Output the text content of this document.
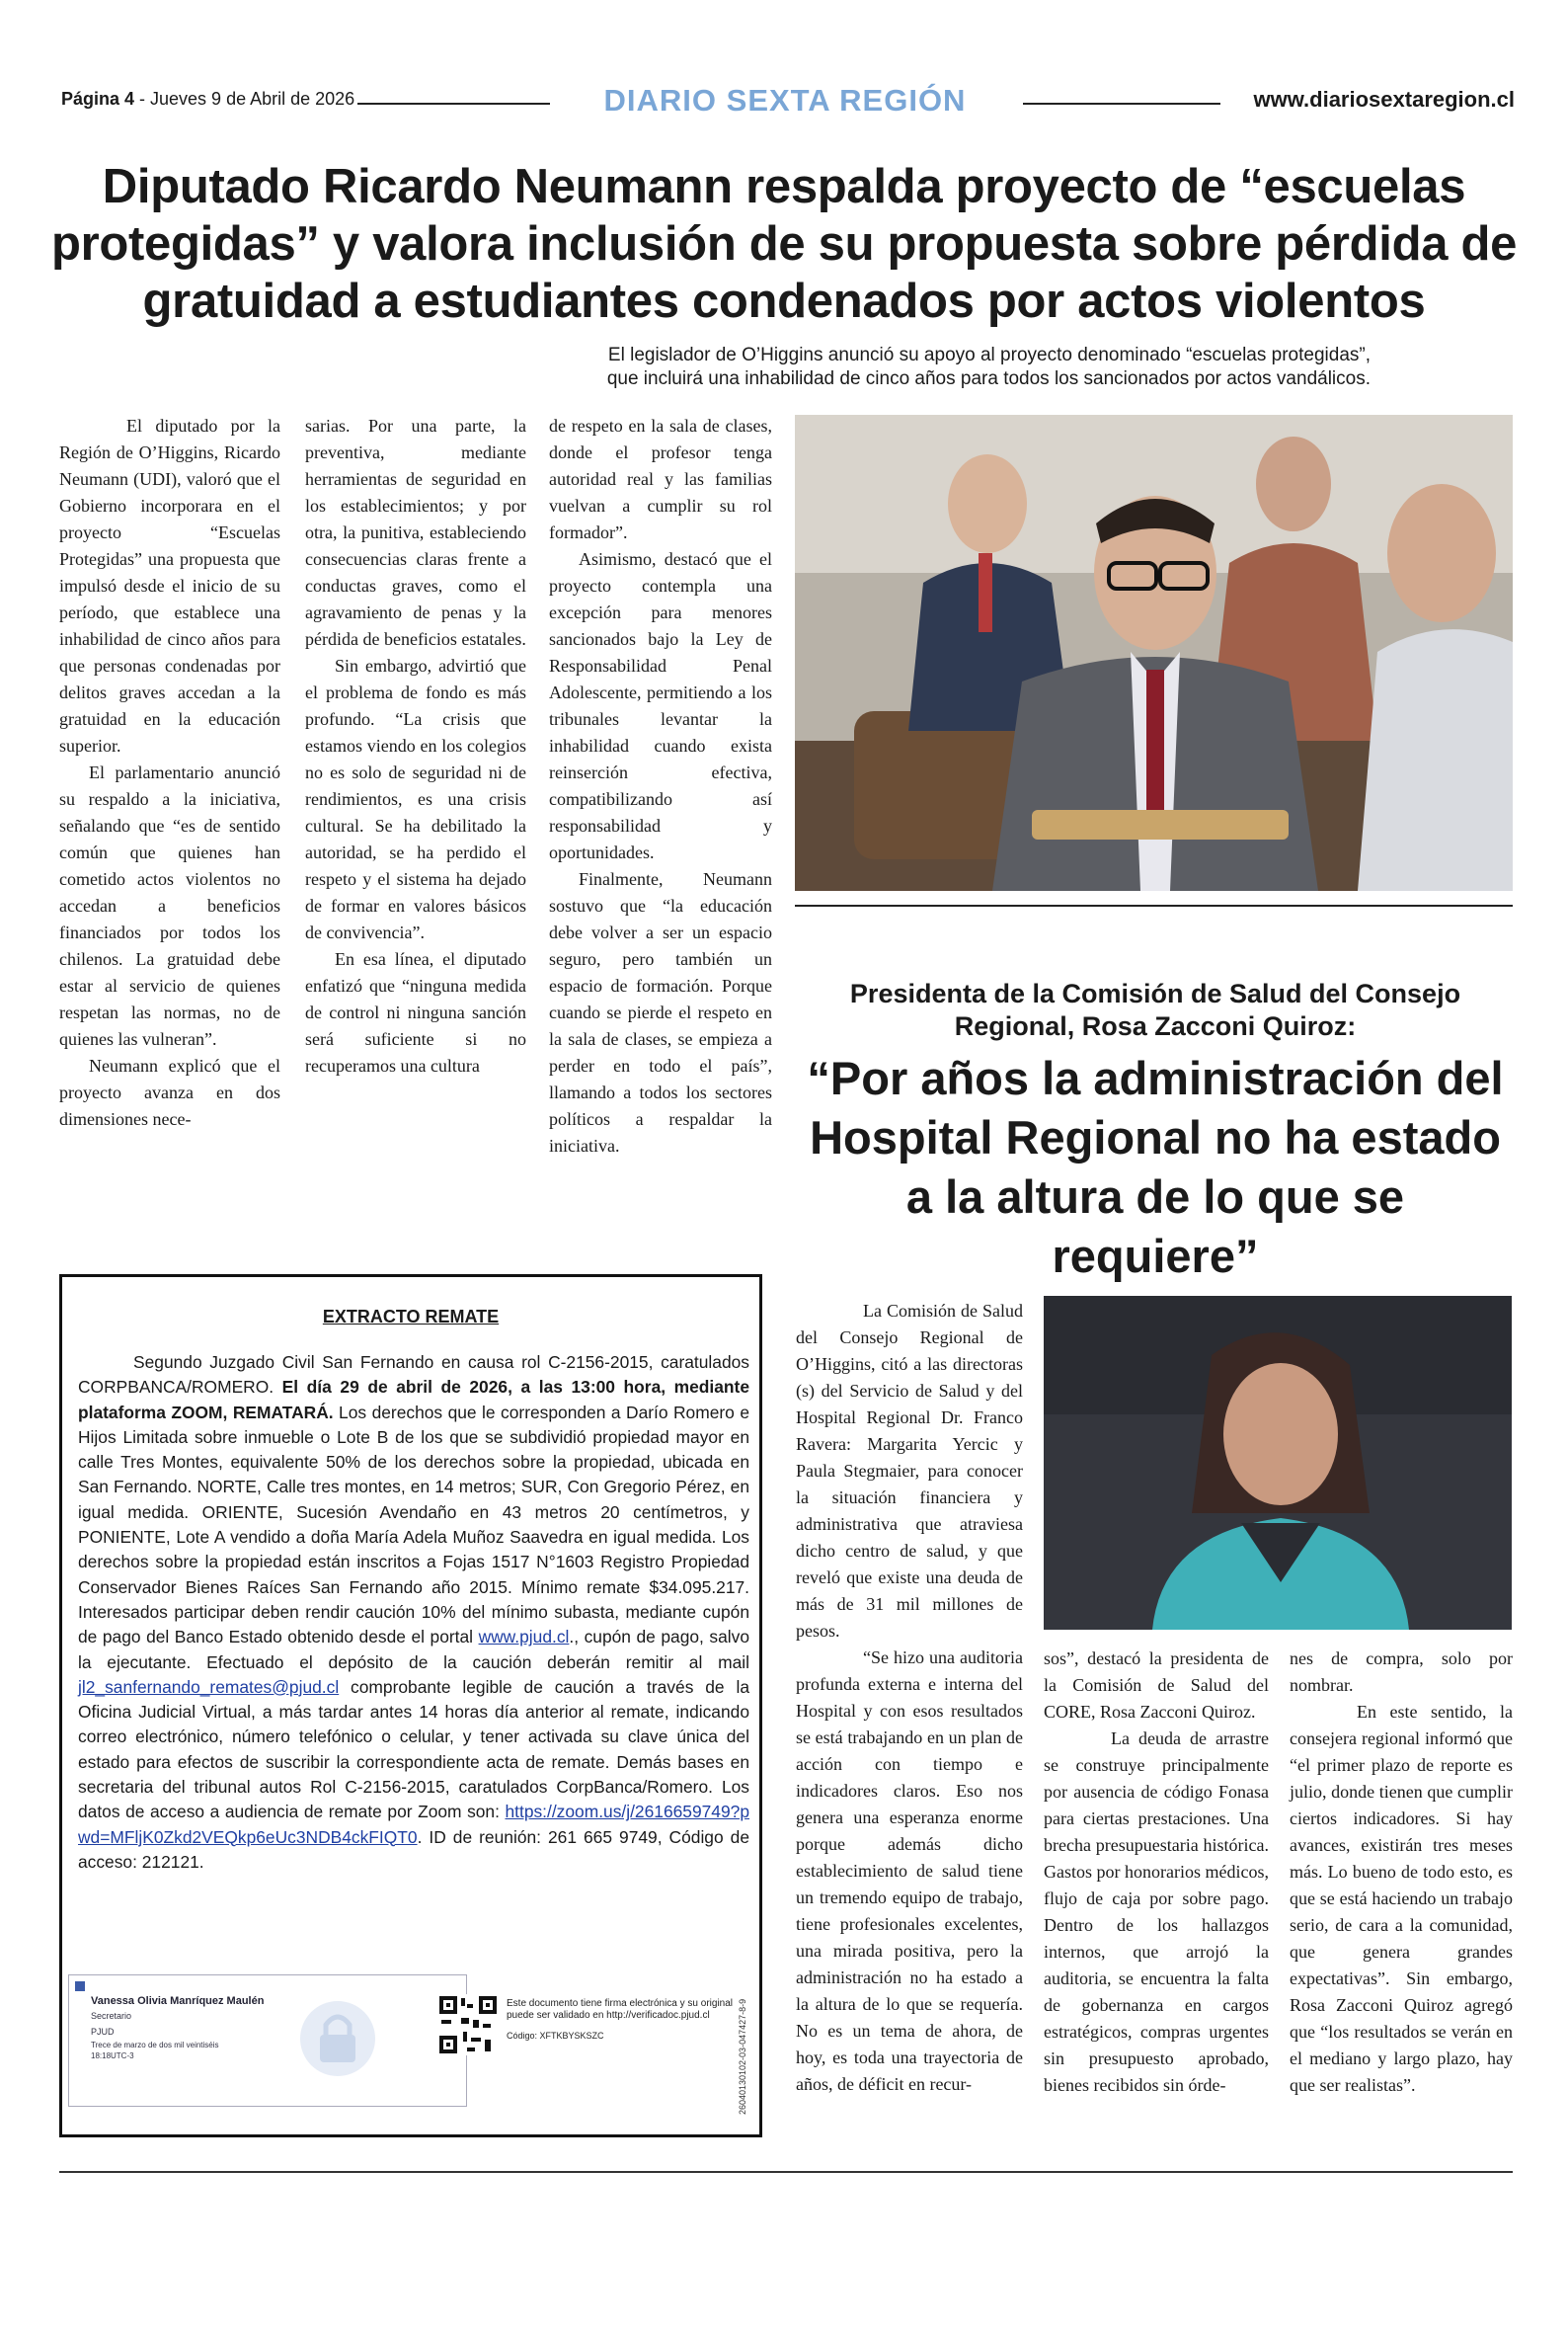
Página 4 - Jueves 9 de Abril de 2026	DIARIO SEXTA REGIÓN	www.diariosextaregion.cl
Diputado Ricardo Neumann respalda proyecto de “escuelas protegidas” y valora inclusión de su propuesta sobre pérdida de gratuidad a estudiantes condenados por actos violentos
El legislador de O’Higgins anunció su apoyo al proyecto denominado “escuelas protegidas”,
que incluirá una inhabilidad de cinco años para todos los sancionados por actos vandálicos.

El diputado por la Región de O’Higgins, Ricardo Neumann (UDI), valoró que el Gobierno incorporara en el proyecto “Escuelas Protegidas” una propuesta que impulsó desde el inicio de su período, que establece una inhabilidad de cinco años para que personas condenadas por delitos graves accedan a la gratuidad en la educación superior.

El parlamentario anunció su respaldo a la iniciativa, señalando que “es de sentido común que quienes han cometido actos violentos no accedan a beneficios financiados por todos los chilenos. La gratuidad debe estar al servicio de quienes respetan las normas, no de quienes las vulneran”.

Neumann explicó que el proyecto avanza en dos dimensiones nece-

sarias. Por una parte, la preventiva, mediante herramientas de seguridad en los establecimientos; y por otra, la punitiva, estableciendo consecuencias claras frente a conductas graves, como el agravamiento de penas y la pérdida de beneficios estatales.

Sin embargo, advirtió que el problema de fondo es más profundo. “La crisis que estamos viendo en los colegios no es solo de seguridad ni de rendimientos, es una crisis cultural. Se ha debilitado la autoridad, se ha perdido el respeto y el sistema ha dejado de formar en valores básicos de convivencia”.

En esa línea, el diputado enfatizó que “ninguna medida de control ni ninguna sanción será suficiente si no recuperamos una cultura

de respeto en la sala de clases, donde el profesor tenga autoridad real y las familias vuelvan a cumplir su rol formador”.

Asimismo, destacó que el proyecto contempla una excepción para menores sancionados bajo la Ley de Responsabilidad Penal Adolescente, permitiendo a los tribunales levantar la inhabilidad cuando exista reinserción efectiva, compatibilizando así responsabilidad y oportunidades.

Finalmente, Neumann sostuvo que “la educación debe volver a ser un espacio seguro, pero también un espacio de formación. Porque cuando se pierde el respeto en la sala de clases, se empieza a perder en todo el país”, llamando a todos los sectores políticos a respaldar la iniciativa.

Presidenta de la Comisión de Salud del Consejo Regional, Rosa Zacconi Quiroz:
“Por años la administración del Hospital Regional no ha estado a la altura de lo que se requiere”

La Comisión de Salud del Consejo Regional de O’Higgins, citó a las directoras (s) del Servicio de Salud y del Hospital Regional Dr. Franco Ravera: Margarita Yercic y Paula Stegmaier, para conocer la situación financiera y administrativa que atraviesa dicho centro de salud, y que reveló que existe una deuda de más de 31 mil millones de pesos.

“Se hizo una auditoria profunda externa e interna del Hospital y con esos resultados se está trabajando en un plan de acción con tiempo e indicadores claros. Eso nos genera una esperanza enorme porque además dicho establecimiento de salud tiene un tremendo equipo de trabajo, tiene profesionales excelentes, una mirada positiva, pero la administración no ha estado a la altura de lo que se requería. No es un tema de ahora, de hoy, es toda una trayectoria de años, de déficit en recur-

sos”, destacó la presidenta de la Comisión de Salud del CORE, Rosa Zacconi Quiroz.

La deuda de arrastre se construye principalmente por ausencia de código Fonasa para ciertas prestaciones. Una brecha presupuestaria histórica. Gastos por honorarios médicos, flujo de caja por sobre pago. Dentro de los hallazgos internos, que arrojó la auditoria, se encuentra la falta de gobernanza en cargos estratégicos, compras urgentes sin presupuesto aprobado, bienes recibidos sin órde-

nes de compra, solo por nombrar.

En este sentido, la consejera regional informó que “el primer plazo de reporte es julio, donde tienen que cumplir ciertos indicadores. Si hay avances, existirán tres meses más. Lo bueno de todo esto, es que se está haciendo un trabajo serio, de cara a la comunidad, que genera grandes expectativas”. Sin embargo, Rosa Zacconi Quiroz agregó que “los resultados se verán en el mediano y largo plazo, hay que ser realistas”.

EXTRACTO REMATE
Segundo Juzgado Civil San Fernando en causa rol C-2156-2015, caratulados CORPBANCA/ROMERO. El día 29 de abril de 2026, a las 13:00 hora, mediante plataforma ZOOM, REMATARÁ. Los derechos que le corresponden a Darío Romero e Hijos Limitada sobre inmueble o Lote B de los que se subdividió propiedad mayor en calle Tres Montes, equivalente 50% de los derechos sobre la propiedad, ubicada en San Fernando. NORTE, Calle tres montes, en 14 metros; SUR, Con Gregorio Pérez, en igual medida. ORIENTE, Sucesión Avendaño en 43 metros 20 centímetros, y PONIENTE, Lote A vendido a doña María Adela Muñoz Saavedra en igual medida. Los derechos sobre la propiedad están inscritos a Fojas 1517 N°1603 Registro Propiedad Conservador Bienes Raíces San Fernando año 2015. Mínimo remate $34.095.217. Interesados participar deben rendir caución 10% del mínimo subasta, mediante cupón de pago del Banco Estado obtenido desde el portal www.pjud.cl., cupón de pago, salvo la ejecutante. Efectuado el depósito de la caución deberán remitir al mail jl2_sanfernando_remates@pjud.cl comprobante legible de caución a través de la Oficina Judicial Virtual, a más tardar antes 14 horas día anterior al remate, indicando correo electrónico, número telefónico o celular, y tener activada su clave única del estado para efectos de suscribir la correspondiente acta de remate. Demás bases en secretaria del tribunal autos Rol C-2156-2015, caratulados CorpBanca/Romero. Los datos de acceso a audiencia de remate por Zoom son: https://zoom.us/j/2616659749?pwd=MFljK0Zkd2VEQkp6eUc3NDB4ckFIQT0. ID de reunión: 261 665 9749, Código de acceso: 212121.
Vanessa Olivia Manríquez Maulén
Secretario
PJUD
Trece de marzo de dos mil veintiséis
18:18UTC-3
Este documento tiene firma electrónica y su original puede ser validado en http://verificadoc.pjud.cl
Código: XFTKBYSKSZC	26040130102-03-047427-8-9
